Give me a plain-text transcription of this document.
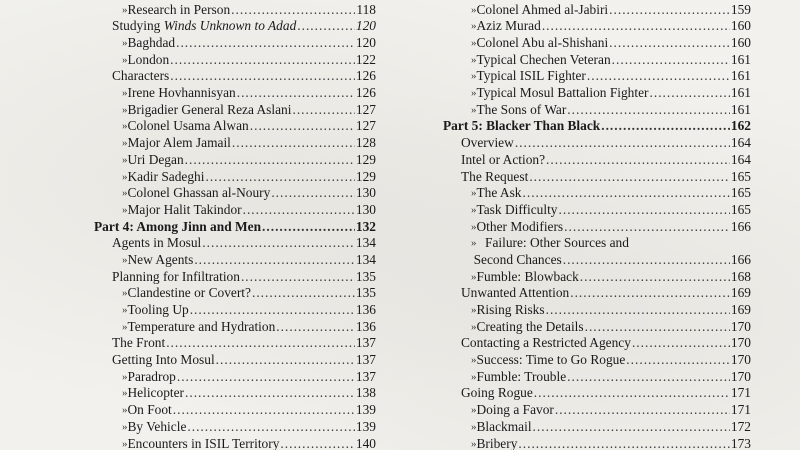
.....
» Research in Person .....	118
Studying Winds Unknown to Adad .....	120
» Baghdad .....	120
» London .....	122
Characters .....	126
» Irene Hovhannisyan .....	126
» Brigadier General Reza Aslani .....	127
» Colonel Usama Alwan .....	127
» Major Alem Jamail .....	128
» Uri Degan .....	129
» Kadir Sadeghi .....	129
» Colonel Ghassan al-Noury .....	130
» Major Halit Takindor .....	130
Part 4: Among Jinn and Men .....	132
Agents in Mosul .....	134
» New Agents .....	134
Planning for Infiltration .....	135
» Clandestine or Covert? .....	135
» Tooling Up .....	136
» Temperature and Hydration .....	136
The Front .....	137
Getting Into Mosul .....	137
» Paradrop .....	137
» Helicopter .....	138
» On Foot .....	139
» By Vehicle .....	139
» Encounters in ISIL Territory .....	140
.....
» Colonel Ahmed al-Jabiri .....	159
» Aziz Murad .....	160
» Colonel Abu al-Shishani .....	160
» Typical Chechen Veteran .....	161
» Typical ISIL Fighter .....	161
» Typical Mosul Battalion Fighter .....	161
» The Sons of War .....	161
Part 5: Blacker Than Black .....	162
Overview .....	164
Intel or Action? .....	164
The Request .....	165
» The Ask .....	165
» Task Difficulty .....	165
» Other Modifiers .....	166
» Failure: Other Sources and
Second Chances .....	166
» Fumble: Blowback .....	168
Unwanted Attention .....	169
» Rising Risks .....	169
» Creating the Details .....	170
Contacting a Restricted Agency .....	170
» Success: Time to Go Rogue .....	170
» Fumble: Trouble .....	170
Going Rogue .....	171
» Doing a Favor .....	171
» Blackmail .....	172
» Bribery .....	173
